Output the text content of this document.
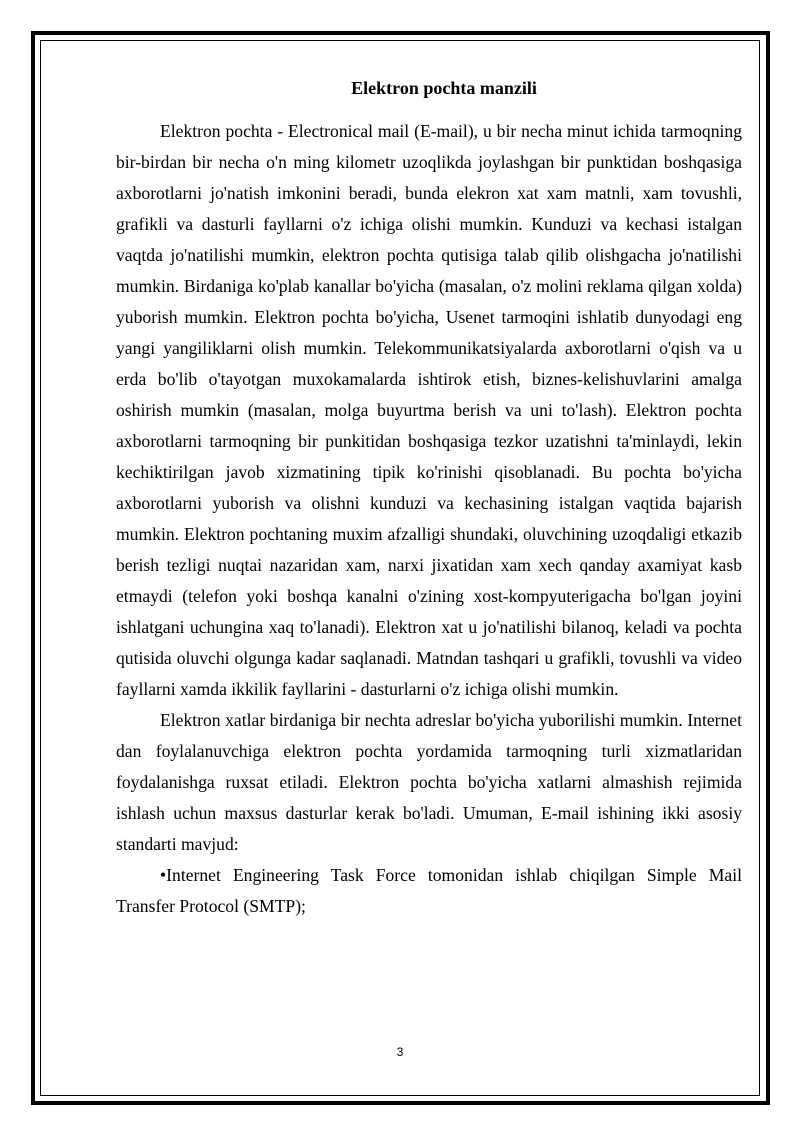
Elektron pochta manzili

Elektron pochta - Electronical mail (E-mail), u bir necha minut ichida tarmoqning bir-birdan bir necha o'n ming kilometr uzoqlikda joylashgan bir punktidan boshqasiga axborotlarni jo'natish imkonini beradi, bunda elekron xat xam matnli, xam tovushli, grafikli va dasturli fayllarni o'z ichiga olishi mumkin. Kunduzi va kechasi istalgan vaqtda jo'natilishi mumkin, elektron pochta qutisiga talab qilib olishgacha jo'natilishi mumkin. Birdaniga ko'plab kanallar bo'yicha (masalan, o'z molini reklama qilgan xolda) yuborish mumkin. Elektron pochta bo'yicha, Usenet tarmoqini ishlatib dunyodagi eng yangi yangiliklarni olish mumkin. Telekommunikatsiyalarda axborotlarni o'qish va u erda bo'lib o'tayotgan muxokamalarda ishtirok etish, biznes-kelishuvlarini amalga oshirish mumkin (masalan, molga buyurtma berish va uni to'lash). Elektron pochta axborotlarni tarmoqning bir punkitidan boshqasiga tezkor uzatishni ta'minlaydi, lekin kechiktirilgan javob xizmatining tipik ko'rinishi qisoblanadi. Bu pochta bo'yicha axborotlarni yuborish va olishni kunduzi va kechasining istalgan vaqtida bajarish mumkin. Elektron pochtaning muxim afzalligi shundaki, oluvchining uzoqdaligi etkazib berish tezligi nuqtai nazaridan xam, narxi jixatidan xam xech qanday axamiyat kasb etmaydi (telefon yoki boshqa kanalni o'zining xost-kompyuterigacha bo'lgan joyini ishlatgani uchungina xaq to'lanadi). Elektron xat u jo'natilishi bilanoq, keladi va pochta qutisida oluvchi olgunga kadar saqlanadi. Matndan tashqari u grafikli, tovushli va video fayllarni xamda ikkilik fayllarini - dasturlarni o'z ichiga olishi mumkin.

Elektron xatlar birdaniga bir nechta adreslar bo'yicha yuborilishi mumkin. Internet dan foylalanuvchiga elektron pochta yordamida tarmoqning turli xizmatlaridan foydalanishga ruxsat etiladi. Elektron pochta bo'yicha xatlarni almashish rejimida ishlash uchun maxsus dasturlar kerak bo'ladi. Umuman, E-mail ishining ikki asosiy standarti mavjud:

•Internet Engineering Task Force tomonidan ishlab chiqilgan Simple Mail Transfer Protocol (SMTP);

3
